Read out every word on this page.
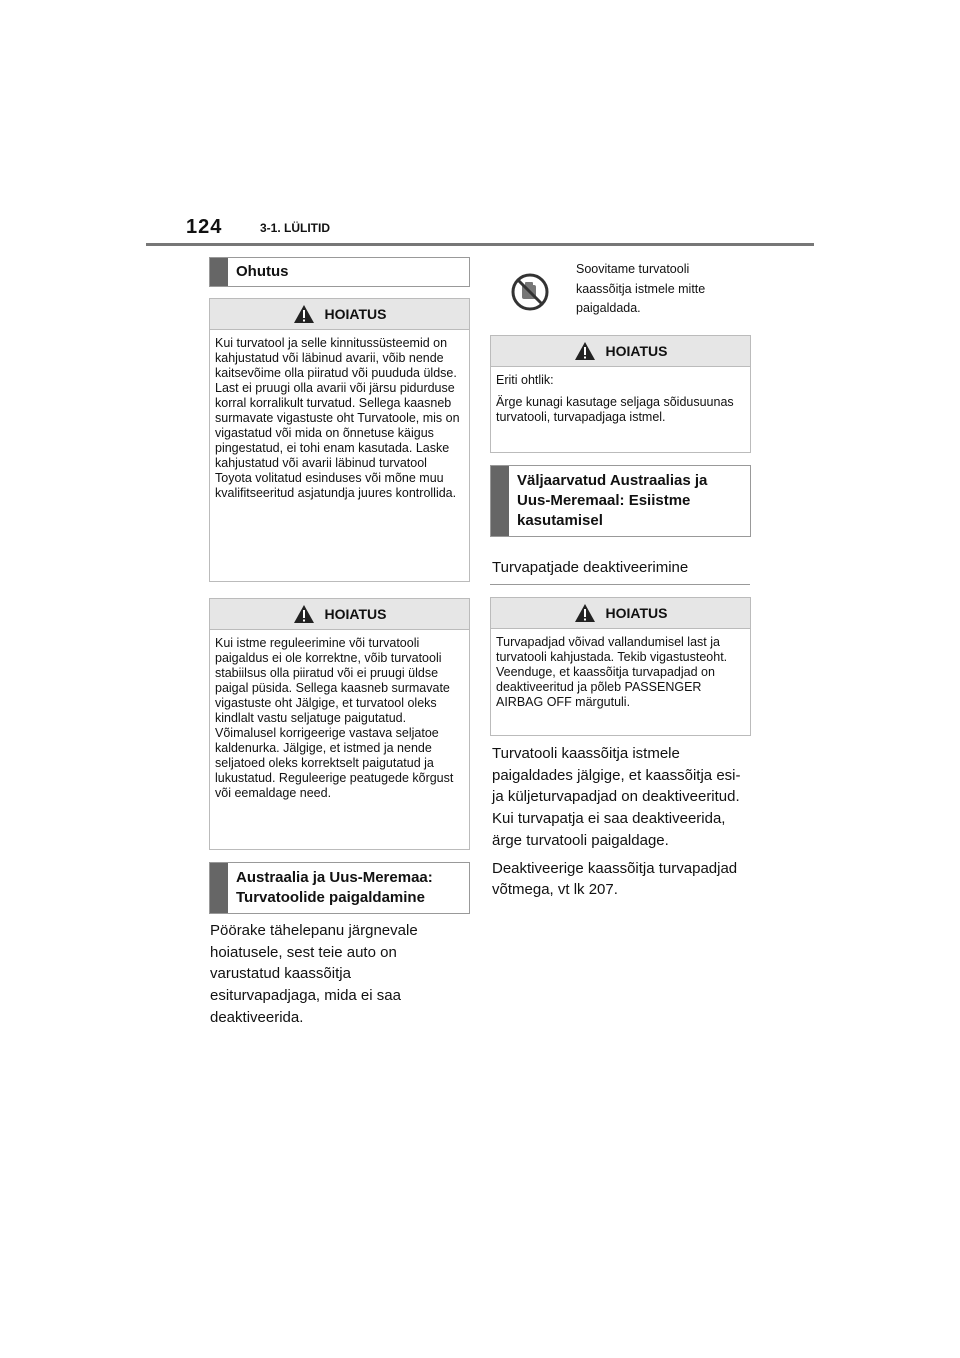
124	3-1. LÜLITID
Ohutus
HOIATUS

Kui turvatool ja selle kinnitussüsteemid on kahjustatud või läbinud avarii, võib nende kaitsevõime olla piiratud või puududa üldse. Last ei pruugi olla avarii või järsu pidurduse korral korralikult turvatud. Sellega kaasneb surmavate vigastuste oht Turvatoole, mis on vigastatud või mida on õnnetuse käigus pingestatud, ei tohi enam kasutada. Laske kahjustatud või avarii läbinud turvatool Toyota volitatud esinduses või mõne muu kvalifitseeritud asjatundja juures kontrollida.

HOIATUS

Kui istme reguleerimine või turvatooli paigaldus ei ole korrektne, võib turvatooli stabiilsus olla piiratud või ei pruugi üldse paigal püsida. Sellega kaasneb surmavate vigastuste oht Jälgige, et turvatool oleks kindlalt vastu seljatuge paigutatud. Võimalusel korrigeerige vastava seljatoe kaldenurka. Jälgige, et istmed ja nende seljatoed oleks korrektselt paigutatud ja lukustatud. Reguleerige peatugede kõrgust või eemaldage need.

Austraalia ja Uus-Meremaa: Turvatoolide paigaldamine

Pöörake tähelepanu järgnevale hoiatusele, sest teie auto on varustatud kaassõitja esiturvapadjaga, mida ei saa deaktiveerida.

Soovitame turvatooli kaassõitja istmele mitte paigaldada.
HOIATUS

Eriti ohtlik:

Ärge kunagi kasutage seljaga sõidusuunas turvatooli, turvapadjaga istmel.

Väljaarvatud Austraalias ja Uus-Meremaal: Esiistme kasutamisel
Turvapatjade deaktiveerimine
HOIATUS

Turvapadjad võivad vallandumisel last ja turvatooli kahjustada. Tekib vigastusteoht. Veenduge, et kaassõitja turvapadjad on deaktiveeritud ja põleb PASSENGER AIRBAG OFF märgutuli.

Turvatooli kaassõitja istmele paigaldades jälgige, et kaassõitja esi- ja küljeturvapadjad on deaktiveeritud. Kui turvapatja ei saa deaktiveerida, ärge turvatooli paigaldage.

Deaktiveerige kaassõitja turvapadjad võtmega, vt lk 207.
